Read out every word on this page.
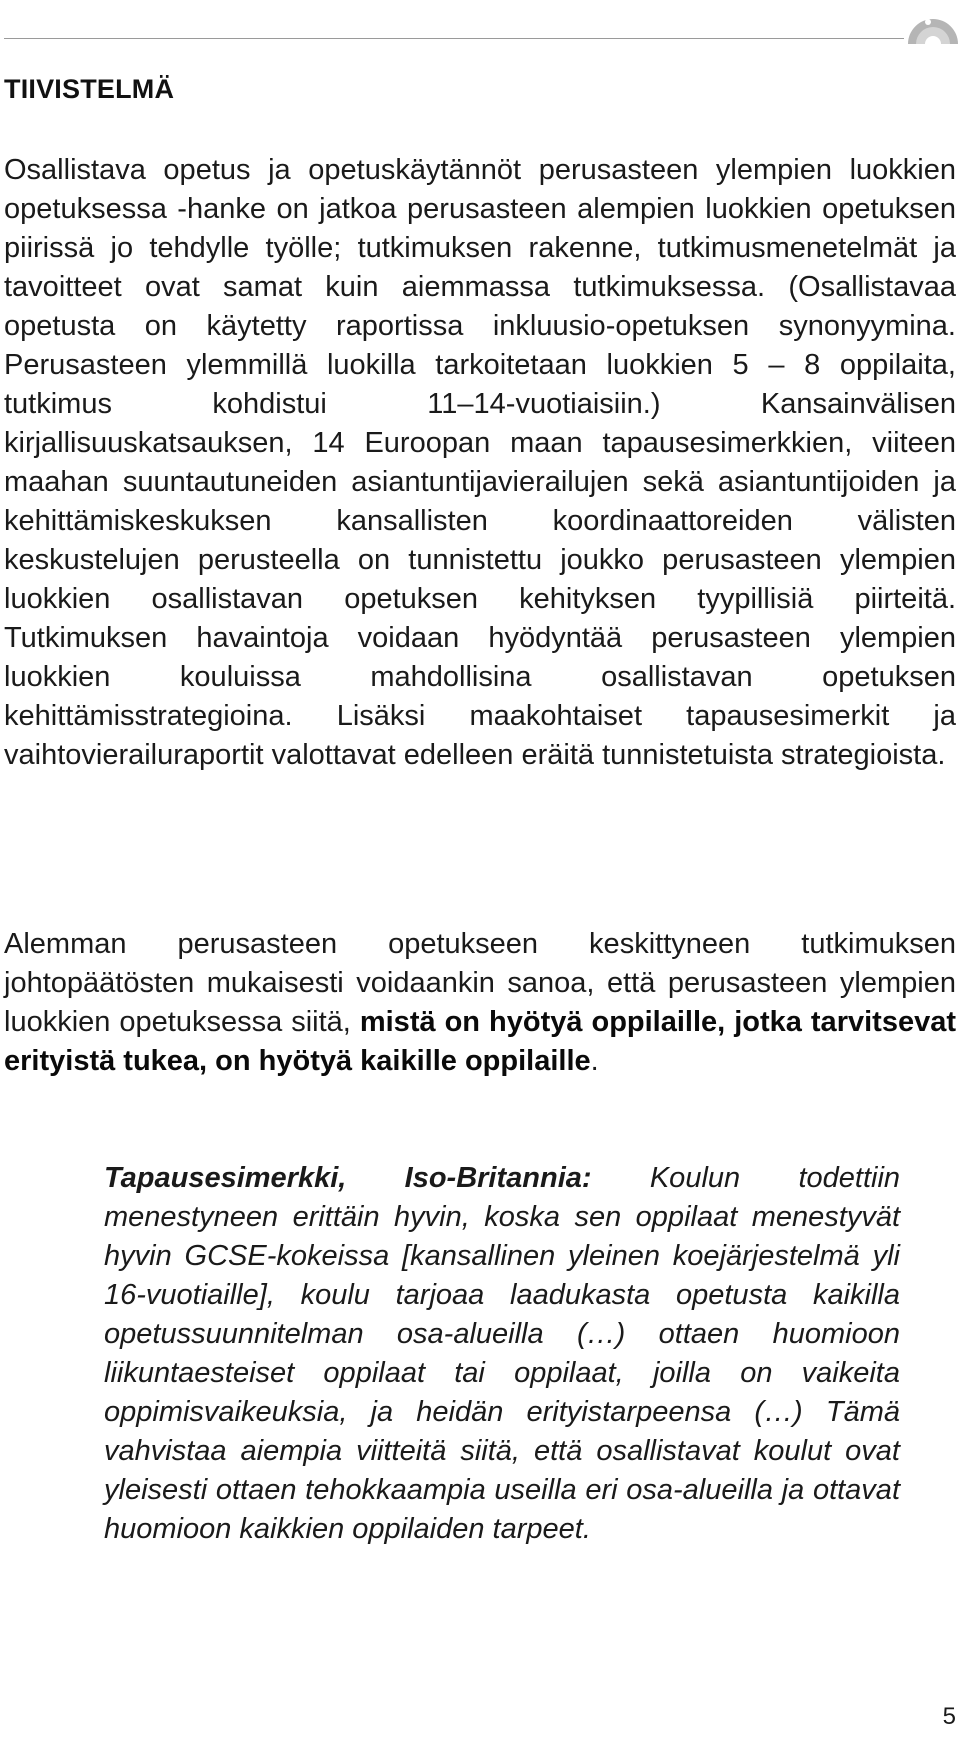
TIIVISTELMÄ

Osallistava opetus ja opetuskäytännöt perusasteen ylempien luokkien opetuksessa -hanke on jatkoa perusasteen alempien luokkien opetuksen piirissä jo tehdylle työlle; tutkimuksen rakenne, tutkimusmenetelmät ja tavoitteet ovat samat kuin aiemmassa tutkimuksessa. (Osallistavaa opetusta on käytetty raportissa inkluusio-opetuksen synonyymina. Perusasteen ylemmillä luokilla tarkoitetaan luokkien 5 – 8 oppilaita, tutkimus kohdistui 11–14-vuotiaisiin.) Kansainvälisen kirjallisuuskatsauksen, 14 Euroopan maan tapausesimerkkien, viiteen maahan suuntautuneiden asiantuntijavierailujen sekä asiantuntijoiden ja kehittämiskeskuksen kansallisten koordinaattoreiden välisten keskustelujen perusteella on tunnistettu joukko perusasteen ylempien luokkien osallistavan opetuksen kehityksen tyypillisiä piirteitä. Tutkimuksen havaintoja voidaan hyödyntää perusasteen ylempien luokkien kouluissa mahdollisina osallistavan opetuksen kehittämisstrategioina. Lisäksi maakohtaiset tapausesimerkit ja vaihtovierailuraportit valottavat edelleen eräitä tunnistetuista strategioista.

Alemman perusasteen opetukseen keskittyneen tutkimuksen johtopäätösten mukaisesti voidaankin sanoa, että perusasteen ylempien luokkien opetuksessa siitä, mistä on hyötyä oppilaille, jotka tarvitsevat erityistä tukea, on hyötyä kaikille oppilaille.

Tapausesimerkki, Iso-Britannia: Koulun todettiin menestyneen erittäin hyvin, koska sen oppilaat menestyvät hyvin GCSE-kokeissa [kansallinen yleinen koejärjestelmä yli 16-vuotiaille], koulu tarjoaa laadukasta opetusta kaikilla opetussuunnitelman osa-alueilla (…) ottaen huomioon liikuntaesteiset oppilaat tai oppilaat, joilla on vaikeita oppimisvaikeuksia, ja heidän erityistarpeensa (…) Tämä vahvistaa aiempia viitteitä siitä, että osallistavat koulut ovat yleisesti ottaen tehokkaampia useilla eri osa-alueilla ja ottavat huomioon kaikkien oppilaiden tarpeet.

5
